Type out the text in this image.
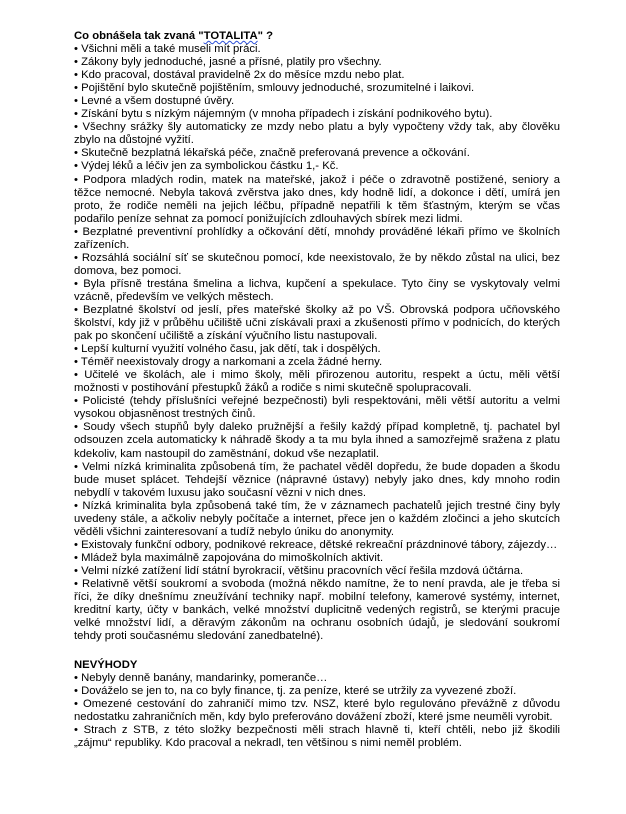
Co obnášela tak zvaná "TOTALITA" ?

• Všichni měli a také museli mít práci.

• Zákony byly jednoduché, jasné a přísné, platily pro všechny.

• Kdo pracoval, dostával pravidelně 2x do měsíce mzdu nebo plat.

• Pojištění bylo skutečně pojištěním, smlouvy jednoduché, srozumitelné i laikovi.

• Levné a všem dostupné úvěry.

• Získání bytu s nízkým nájemným (v mnoha případech i získání podnikového bytu).

• Všechny srážky šly automaticky ze mzdy nebo platu a byly vypočteny vždy tak, aby člověku zbylo na důstojné vyžití.

• Skutečně bezplatná lékařská péče, značně preferovaná prevence a očkování.

• Výdej léků a léčiv jen za symbolickou částku 1,- Kč.

• Podpora mladých rodin, matek na mateřské, jakož i péče o zdravotně postižené, seniory a těžce nemocné. Nebyla taková zvěrstva jako dnes, kdy hodně lidí, a dokonce i dětí, umírá jen proto, že rodiče neměli na jejich léčbu, případně nepatřili k těm šťastným, kterým se včas podařilo peníze sehnat za pomocí ponižujících zdlouhavých sbírek mezi lidmi.

• Bezplatné preventivní prohlídky a očkování dětí, mnohdy prováděné lékaři přímo ve školních zařízeních.

• Rozsáhlá sociální síť se skutečnou pomocí, kde neexistovalo, že by někdo zůstal na ulici, bez domova, bez pomoci.

• Byla přísně trestána šmelina a lichva, kupčení a spekulace. Tyto činy se vyskytovaly velmi vzácně, především ve velkých městech.

• Bezplatné školství od jeslí, přes mateřské školky až po VŠ. Obrovská podpora učňovského školství, kdy již v průběhu učiliště učni získávali praxi a zkušenosti přímo v podnicích, do kterých pak po skončení učiliště a získání výučního listu nastupovali.

• Lepší kulturní využití volného času, jak dětí, tak i dospělých.

• Téměř neexistovaly drogy a narkomani a zcela žádné herny.

• Učitelé ve školách, ale i mimo školy, měli přirozenou autoritu, respekt a úctu, měli větší možnosti v postihování přestupků žáků a rodiče s nimi skutečně spolupracovali.

• Policisté (tehdy příslušníci veřejné bezpečnosti) byli respektováni, měli větší autoritu a velmi vysokou objasněnost trestných činů.

• Soudy všech stupňů byly daleko pružnější a řešily každý případ kompletně, tj. pachatel byl odsouzen zcela automaticky k náhradě škody a ta mu byla ihned a samozřejmě sražena z platu kdekoliv, kam nastoupil do zaměstnání, dokud vše nezaplatil.

• Velmi nízká kriminalita způsobená tím, že pachatel věděl dopředu, že bude dopaden a škodu bude muset splácet. Tehdejší věznice (nápravné ústavy) nebyly jako dnes, kdy mnoho rodin nebydlí v takovém luxusu jako současní vězni v nich dnes.

• Nízká kriminalita byla způsobená také tím, že v záznamech pachatelů jejich trestné činy byly uvedeny stále, a ačkoliv nebyly počítače a internet, přece jen o každém zločinci a jeho skutcích věděli všichni zainteresovaní a tudíž nebylo úniku do anonymity.

• Existovaly funkční odbory, podnikové rekreace, dětské rekreační prázdninové tábory, zájezdy…

• Mládež byla maximálně zapojována do mimoškolních aktivit.

• Velmi nízké zatížení lidí státní byrokracií, většinu pracovních věcí řešila mzdová účtárna.

• Relativně větší soukromí a svoboda (možná někdo namítne, že to není pravda, ale je třeba si říci, že díky dnešnímu zneužívání techniky např. mobilní telefony, kamerové systémy, internet, kreditní karty, účty v bankách, velké množství duplicitně vedených registrů, se kterými pracuje velké množství lidí, a děravým zákonům na ochranu osobních údajů, je sledování soukromí tehdy proti současnému sledování zanedbatelné).

NEVÝHODY

• Nebyly denně banány, mandarinky, pomeranče…

• Dováželo se jen to, na co byly finance, tj. za peníze, které se utržily za vyvezené zboží.

• Omezené cestování do zahraničí mimo tzv. NSZ, které bylo regulováno převážně z důvodu nedostatku zahraničních měn, kdy bylo preferováno dovážení zboží, které jsme neuměli vyrobit.

• Strach z STB, z této složky bezpečnosti měli strach hlavně ti, kteří chtěli, nebo již škodili „zájmu“ republiky. Kdo pracoval a nekradl, ten většinou s nimi neměl problém.
